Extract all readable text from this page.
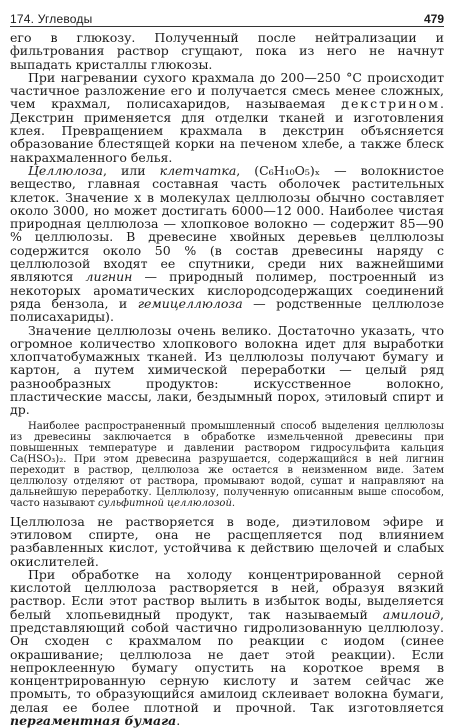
174. Углеводы	479

его в глюкозу. Полученный после нейтрализации и фильтрования раствор сгущают, пока из него не начнут выпадать кристаллы глюкозы.

При нагревании сухого крахмала до 200—250 °С происходит частичное разложение его и получается смесь менее сложных, чем крахмал, полисахаридов, называемая декстрином. Декстрин применяется для отделки тканей и изготовления клея. Превращением крахмала в декстрин объясняется образование блестящей корки на печеном хлебе, а также блеск накрахмаленного белья.

Целлюлоза, или клетчатка, (C₆H₁₀O₅)ₓ — волокнистое вещество, главная составная часть оболочек растительных клеток. Значение x в молекулах целлюлозы обычно составляет около 3000, но может достигать 6000—12 000. Наиболее чистая природная целлюлоза — хлопковое волокно — содержит 85—90 % целлюлозы. В древесине хвойных деревьев целлюлозы содержится около 50 % (в состав древесины наряду с целлюлозой входят ее спутники, среди них важнейшими являются лигнин — природный полимер, построенный из некоторых ароматических кислородсодержащих соединений ряда бензола, и гемицеллюлоза — родственные целлюлозе полисахариды).

Значение целлюлозы очень велико. Достаточно указать, что огромное количество хлопкового волокна идет для выработки хлопчатобумажных тканей. Из целлюлозы получают бумагу и картон, а путем химической переработки — целый ряд разнообразных продуктов: искусственное волокно, пластические массы, лаки, бездымный порох, этиловый спирт и др.

Наиболее распространенный промышленный способ выделения целлюлозы из древесины заключается в обработке измельченной древесины при повышенных температуре и давлении раствором гидросульфита кальция Ca(HSO₃)₂. При этом древесина разрушается, содержащийся в ней лигнин переходит в раствор, целлюлоза же остается в неизменном виде. Затем целлюлозу отделяют от раствора, промывают водой, сушат и направляют на дальнейшую переработку. Целлюлозу, полученную описанным выше способом, часто называют сульфитной целлюлозой.

Целлюлоза не растворяется в воде, диэтиловом эфире и этиловом спирте, она не расщепляется под влиянием разбавленных кислот, устойчива к действию щелочей и слабых окислителей.

При обработке на холоду концентрированной серной кислотой целлюлоза растворяется в ней, образуя вязкий раствор. Если этот раствор вылить в избыток воды, выделяется белый хлопьевидный продукт, так называемый амилоид, представляющий собой частично гидролизованную целлюлозу. Он сходен с крахмалом по реакции с иодом (синее окрашивание; целлюлоза не дает этой реакции). Если непроклеенную бумагу опустить на короткое время в концентрированную серную кислоту и затем сейчас же промыть, то образующийся амилоид склеивает волокна бумаги, делая ее более плотной и прочной. Так изготовляется пергаментная бумага.
